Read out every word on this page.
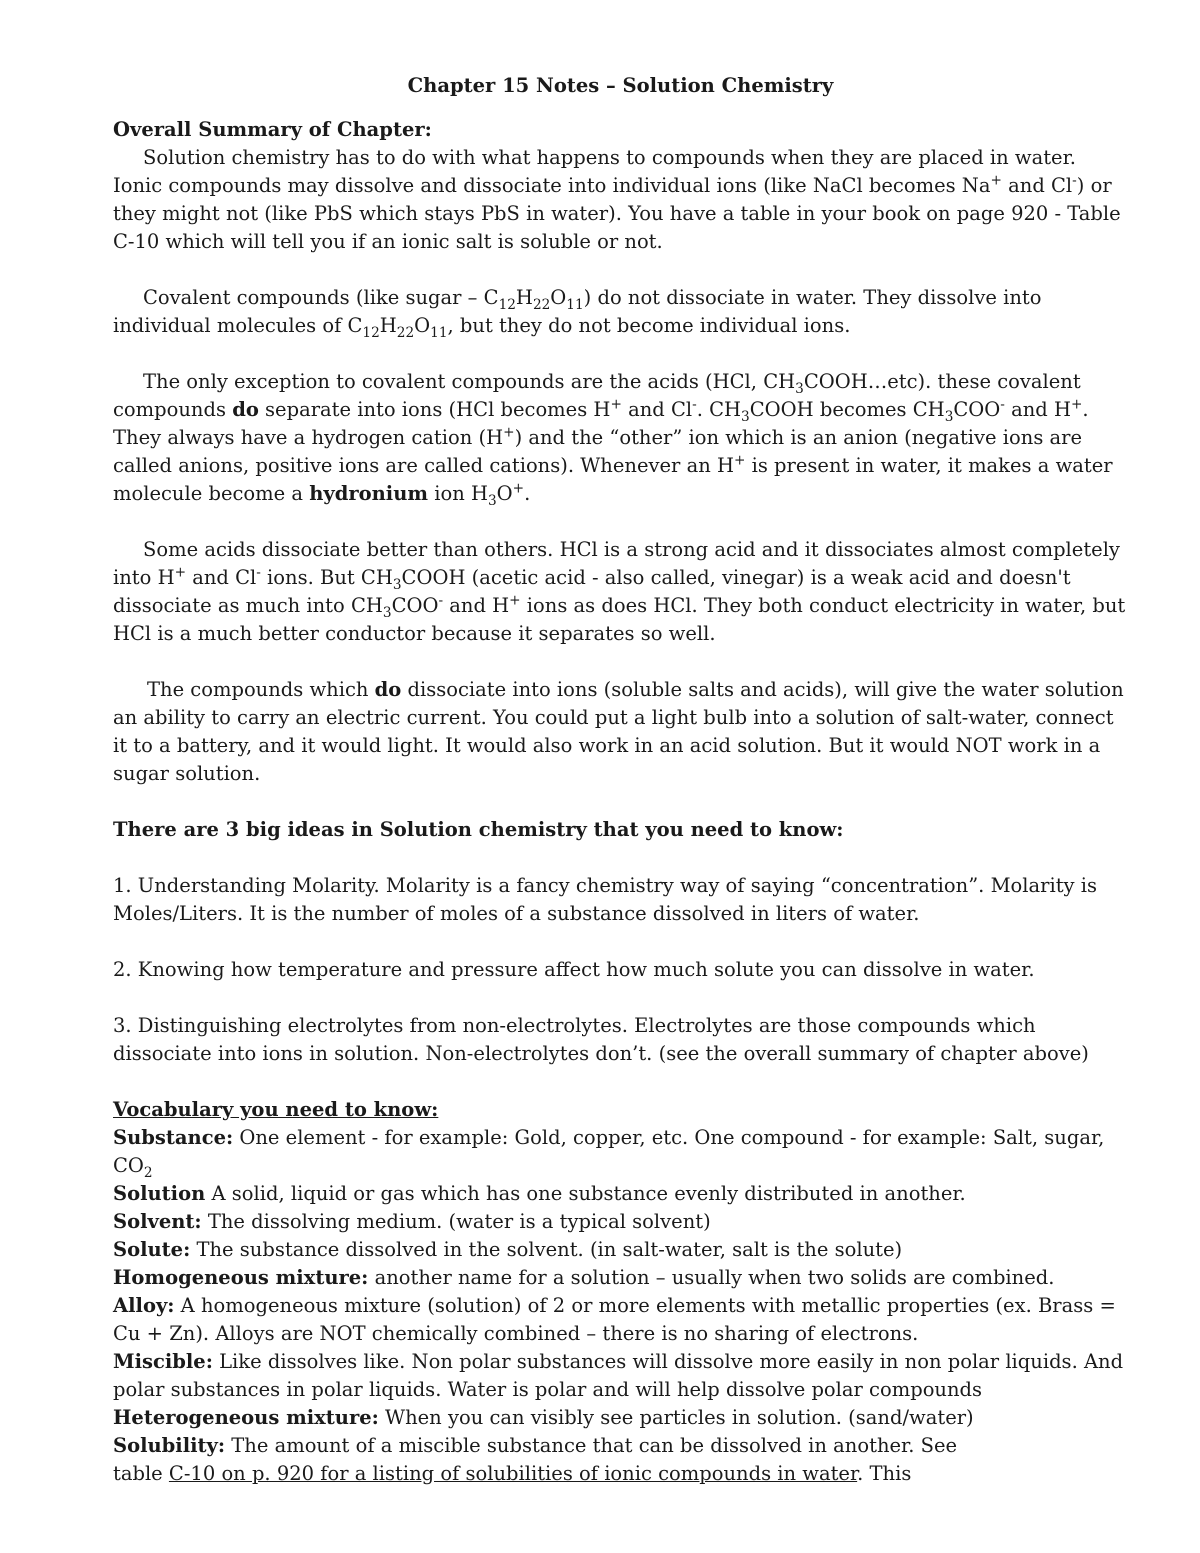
Chapter 15 Notes – Solution Chemistry
Overall Summary of Chapter:

Solution chemistry has to do with what happens to compounds when they are placed in water. Ionic compounds may dissolve and dissociate into individual ions (like NaCl becomes Na+ and Cl-) or they might not (like PbS which stays PbS in water). You have a table in your book on page 920 - Table C-10 which will tell you if an ionic salt is soluble or not.

Covalent compounds (like sugar – $C_{12}H_{22}O_{11}$) do not dissociate in water. They dissolve into individual molecules of $C_{12}H_{22}O_{11}$, but they do not become individual ions.

The only exception to covalent compounds are the acids (HCl, $CH_3COOH\dots etc$). these covalent compounds do separate into ions (HCl becomes H+ and Cl-. $CH_3COOH$ becomes $CH_3COO^-$ and H+. They always have a hydrogen cation (H+) and the “other” ion which is an anion (negative ions are called anions, positive ions are called cations). Whenever an H+ is present in water, it makes a water molecule become a hydronium ion $H_3O^+$.

Some acids dissociate better than others. HCl is a strong acid and it dissociates almost completely into H+ and Cl- ions. But $CH_3COOH$ (acetic acid - also called, vinegar) is a weak acid and doesn't dissociate as much into $CH_3COO^-$ and H+ ions as does HCl. They both conduct electricity in water, but HCl is a much better conductor because it separates so well.

The compounds which do dissociate into ions (soluble salts and acids), will give the water solution an ability to carry an electric current. You could put a light bulb into a solution of salt-water, connect it to a battery, and it would light. It would also work in an acid solution. But it would NOT work in a sugar solution.

There are 3 big ideas in Solution chemistry that you need to know:

1. Understanding Molarity. Molarity is a fancy chemistry way of saying “concentration”. Molarity is Moles/Liters. It is the number of moles of a substance dissolved in liters of water.

2. Knowing how temperature and pressure affect how much solute you can dissolve in water.

3. Distinguishing electrolytes from non-electrolytes. Electrolytes are those compounds which dissociate into ions in solution. Non-electrolytes don’t. (see the overall summary of chapter above)

Vocabulary you need to know:

Substance: One element - for example: Gold, copper, etc. One compound - for example: Salt, sugar, $CO_2$

Solution A solid, liquid or gas which has one substance evenly distributed in another.

Solvent: The dissolving medium. (water is a typical solvent)

Solute: The substance dissolved in the solvent. (in salt-water, salt is the solute)

Homogeneous mixture: another name for a solution – usually when two solids are combined.

Alloy: A homogeneous mixture (solution) of 2 or more elements with metallic properties (ex. Brass = Cu + Zn). Alloys are NOT chemically combined – there is no sharing of electrons.

Miscible: Like dissolves like. Non polar substances will dissolve more easily in non polar liquids. And polar substances in polar liquids. Water is polar and will help dissolve polar compounds

Heterogeneous mixture: When you can visibly see particles in solution. (sand/water)

Solubility: The amount of a miscible substance that can be dissolved in another. See

table C-10 on p. 920 for a listing of solubilities of ionic compounds in water. This
